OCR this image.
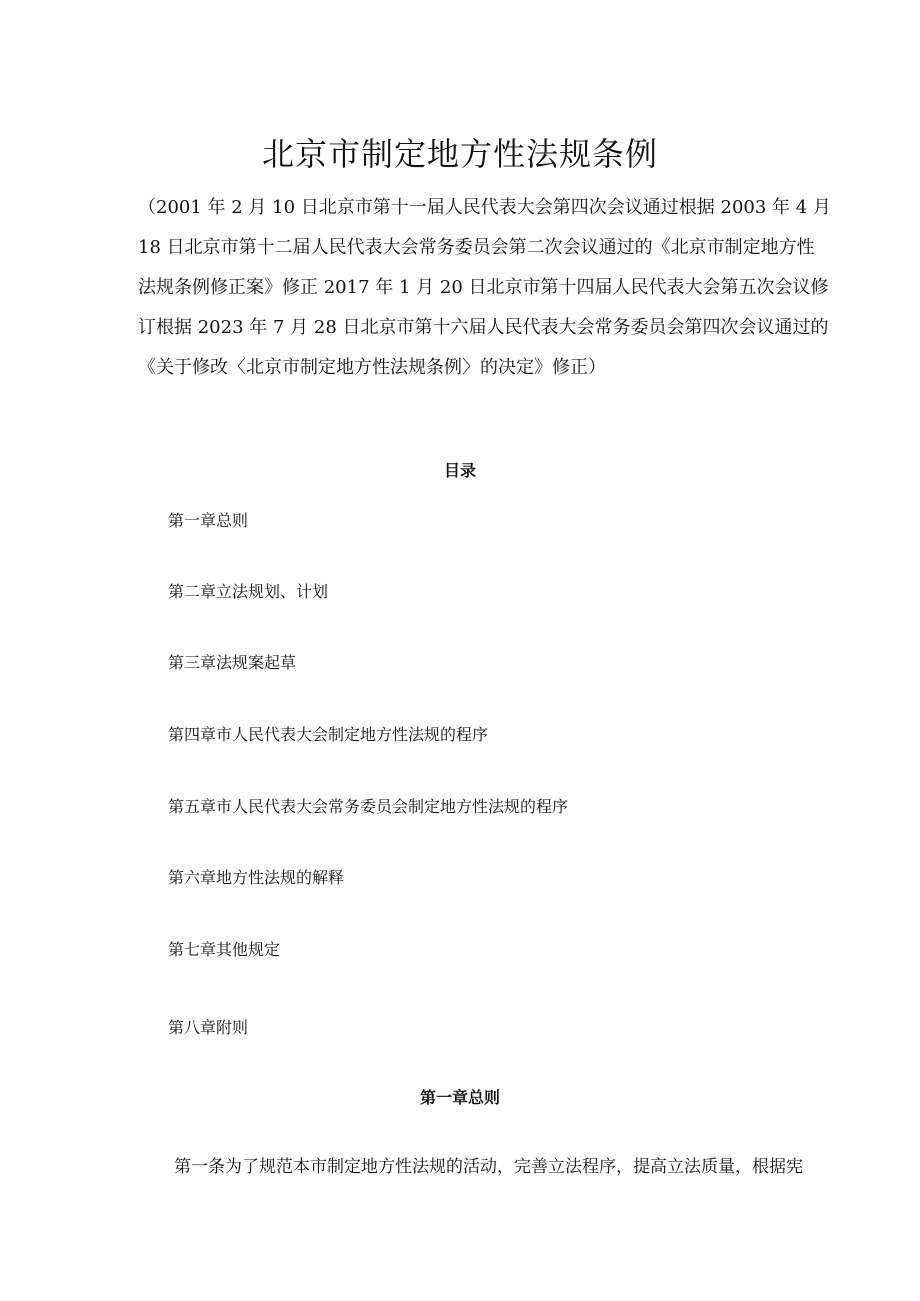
北京市制定地方性法规条例
（2001 年 2 月 10 日北京市第十一届人民代表大会第四次会议通过根据 2003 年 4 月
18 日北京市第十二届人民代表大会常务委员会第二次会议通过的《北京市制定地方性
法规条例修正案》修正 2017 年 1 月 20 日北京市第十四届人民代表大会第五次会议修
订根据 2023 年 7 月 28 日北京市第十六届人民代表大会常务委员会第四次会议通过的
《关于修改〈北京市制定地方性法规条例〉的决定》修正）
目录
第一章总则
第二章立法规划、计划
第三章法规案起草
第四章市人民代表大会制定地方性法规的程序
第五章市人民代表大会常务委员会制定地方性法规的程序
第六章地方性法规的解释
第七章其他规定
第八章附则
第一章总则
第一条为了规范本市制定地方性法规的活动，完善立法程序，提高立法质量，根据宪
